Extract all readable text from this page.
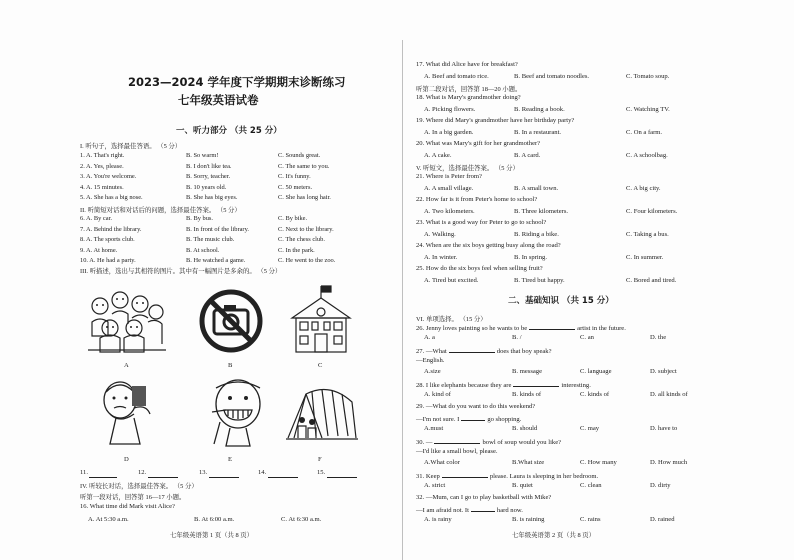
2023—2024 学年度下学期期末诊断练习
七年级英语试卷
一、听力部分 （共 25 分）
I. 听句子，选择最佳答语。 （5 分）
II. 听简短对话和对话后的问题，选择最佳答案。 （5 分）
III. 听描述，选出与其相符的图片。其中有一幅图片是多余的。 （5 分）
A	B	C
D	E	F
11.	12.	13.	14.	15.
IV. 听较长对话，选择最佳答案。 （5 分）
听第一段对话，回答第 16—17 小题。
16. What time did Mark visit Alice?
A. At 5:30 a.m.	B. At 6:00 a.m.	C. At 6:30 a.m.
七年级英语第 1 页（共 8 页）
1. A. That's right.	B. So warm!	C. Sounds great.
2. A. Yes, please.	B. I don't like tea.	C. The same to you.
3. A. You're welcome.	B. Sorry, teacher.	C. It's funny.
4. A. 15 minutes.	B. 10 years old.	C. 50 meters.
5. A. She has a big nose.	B. She has big eyes.	C. She has long hair.
6. A. By car.	B. By bus.	C. By bike.
7. A. Behind the library.	B. In front of the library.	C. Next to the library.
8. A. The sports club.	B. The music club.	C. The chess club.
9. A. At home.	B. At school.	C. In the park.
10. A. He had a party.	B. He watched a game.	C. He went to the zoo.
二、基础知识 （共 15 分）
VI. 单项选择。 （15 分）
七年级英语第 2 页（共 8 页）
17. What did Alice have for breakfast?
A. Beef and tomato rice.	B. Beef and tomato noodles.	C. Tomato soup.
听第二段对话，回答第 18—20 小题。
18. What is Mary's grandmother doing?
A. Picking flowers.	B. Reading a book.	C. Watching TV.
19. Where did Mary's grandmother have her birthday party?
A. In a big garden.	B. In a restaurant.	C. On a farm.
20. What was Mary's gift for her grandmother?
A. A cake.	B. A card.	C. A schoolbag.
V. 听短文，选择最佳答案。 （5 分）
21. Where is Peter from?
A. A small village.	B. A small town.	C. A big city.
22. How far is it from Peter's home to school?
A. Two kilometers.	B. Three kilometers.	C. Four kilometers.
23. What is a good way for Peter to go to school?
A. Walking.	B. Riding a bike.	C. Taking a bus.
24. When are the six boys getting busy along the road?
A. In winter.	B. In spring.	C. In summer.
25. How do the six boys feel when selling fruit?
A. Tired but excited.	B. Tired but happy.	C. Bored and tired.
26. Jenny loves painting so he wants to be	artist in the future.
A. a	B. /	C. an	D. the
27. —What	does that boy speak?
—English.
A.size	B. message	C. language	D. subject
28. I like elephants because they are	interesting.
A. kind of	B. kinds of	C. kinds of	D. all kinds of
29. —What do you want to do this weekend?
—I'm not sure. I	go shopping.
A.must	B. should	C. may	D. have to
30. —	bowl of soup would you like?
—I'd like a small bowl, please.
A.What color	B.What size	C. How many	D. How much
31. Keep	please. Laura is sleeping in her bedroom.
A. strict	B. quiet	C. clean	D. dirty
32. —Mum, can I go to play basketball with Mike?
—I am afraid not. It	hard now.
A. is rainy	B. is raining	C. rains	D. rained
